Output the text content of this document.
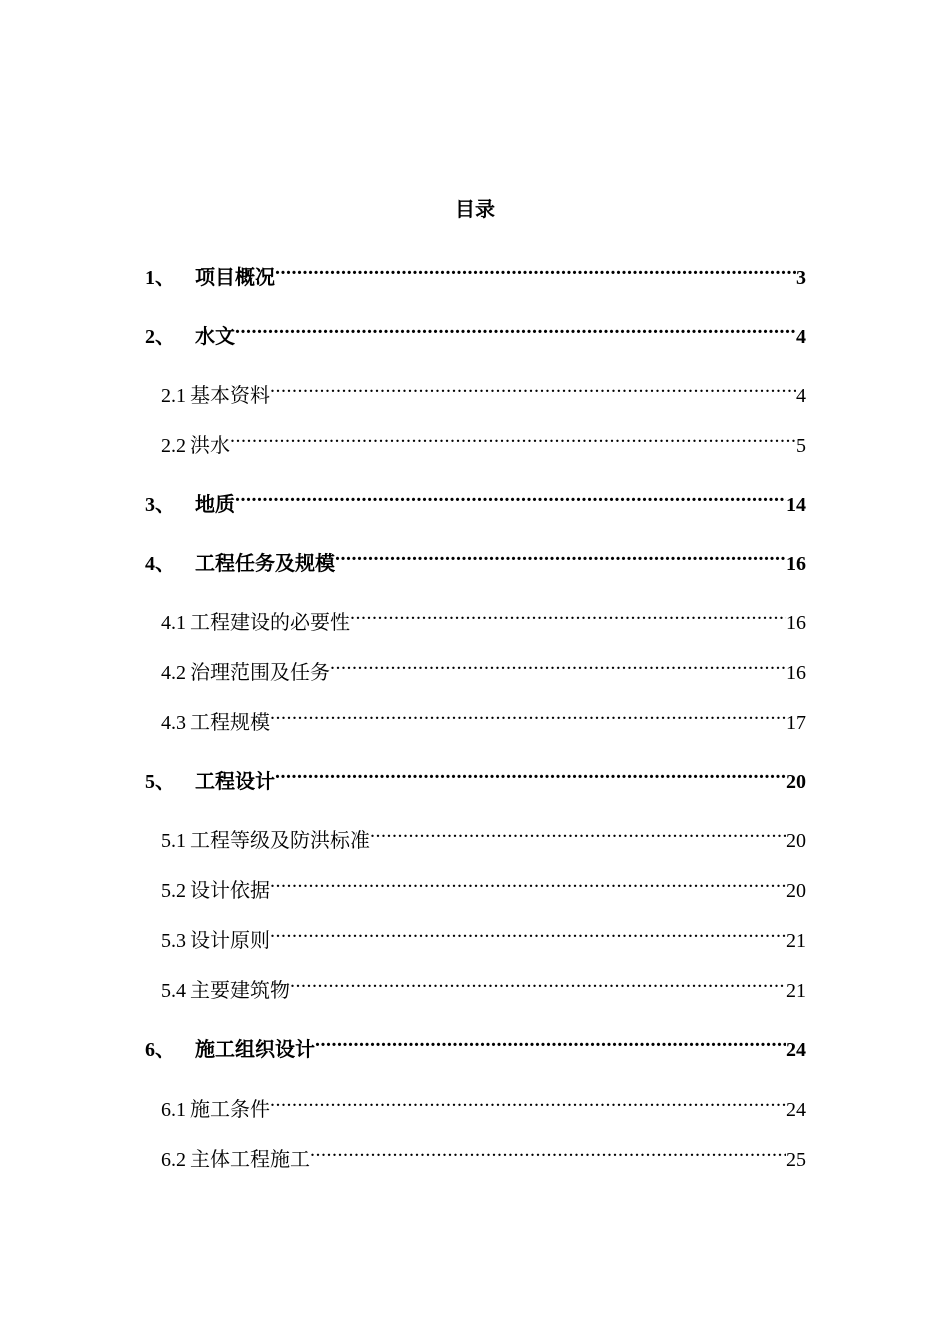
目录
1、	项目概况 .....	3
2、	水文 .....	4
2.1 基本资料 .....	4
2.2 洪水 .....	5
3、	地质 .....	14
4、	工程任务及规模 .....	16
4.1 工程建设的必要性 .....	16
4.2 治理范围及任务 .....	16
4.3 工程规模 .....	17
5、	工程设计 .....	20
5.1 工程等级及防洪标准 .....	20
5.2 设计依据 .....	20
5.3 设计原则 .....	21
5.4 主要建筑物 .....	21
6、	施工组织设计 .....	24
6.1 施工条件 .....	24
6.2 主体工程施工 .....	25
